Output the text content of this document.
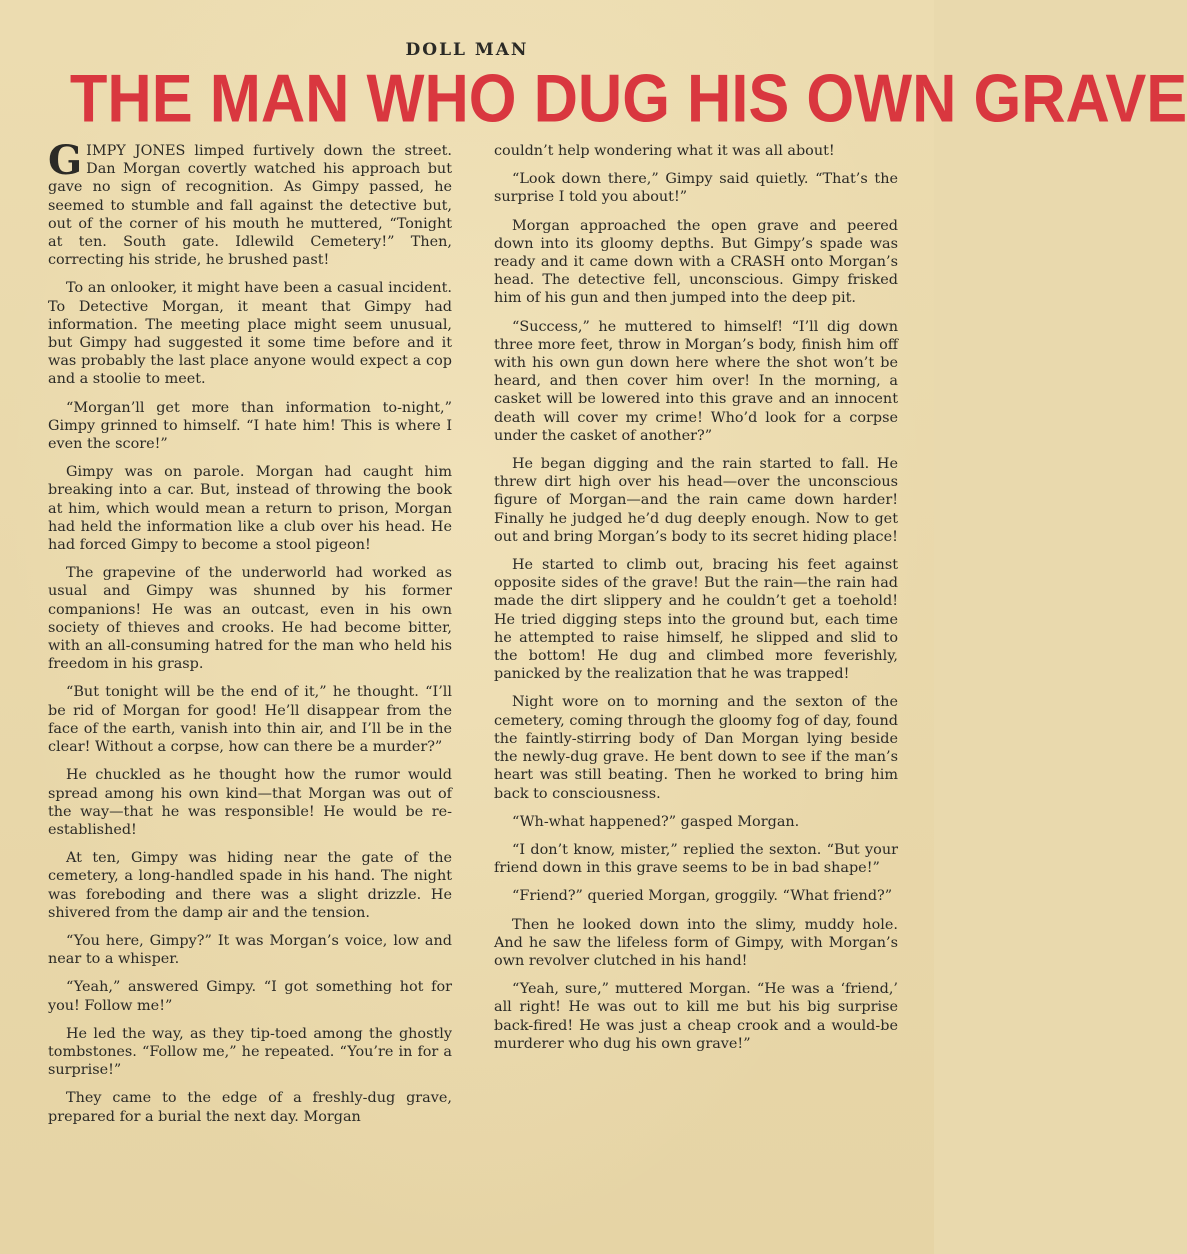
DOLL MAN
THE MAN WHO DUG HIS OWN GRAVE

GIMPY JONES limped furtively down the street. Dan Morgan covertly watched his approach but gave no sign of recognition. As Gimpy passed, he seemed to stumble and fall against the detective but, out of the corner of his mouth he muttered, “Tonight at ten. South gate. Idlewild Cemetery!” Then, correcting his stride, he brushed past!

To an onlooker, it might have been a casual incident. To Detective Morgan, it meant that Gimpy had information. The meeting place might seem unusual, but Gimpy had suggested it some time before and it was probably the last place anyone would expect a cop and a stoolie to meet.

“Morgan’ll get more than information to-night,” Gimpy grinned to himself. “I hate him! This is where I even the score!”

Gimpy was on parole. Morgan had caught him breaking into a car. But, instead of throwing the book at him, which would mean a return to prison, Morgan had held the information like a club over his head. He had forced Gimpy to become a stool pigeon!

The grapevine of the underworld had worked as usual and Gimpy was shunned by his former companions! He was an outcast, even in his own society of thieves and crooks. He had become bitter, with an all-consuming hatred for the man who held his freedom in his grasp.

“But tonight will be the end of it,” he thought. “I’ll be rid of Morgan for good! He’ll disappear from the face of the earth, vanish into thin air, and I’ll be in the clear! Without a corpse, how can there be a murder?”

He chuckled as he thought how the rumor would spread among his own kind—that Morgan was out of the way—that he was responsible! He would be re-established!

At ten, Gimpy was hiding near the gate of the cemetery, a long-handled spade in his hand. The night was foreboding and there was a slight drizzle. He shivered from the damp air and the tension.

“You here, Gimpy?” It was Morgan’s voice, low and near to a whisper.

“Yeah,” answered Gimpy. “I got something hot for you! Follow me!”

He led the way, as they tip-toed among the ghostly tombstones. “Follow me,” he repeated. “You’re in for a surprise!”

They came to the edge of a freshly-dug grave, prepared for a burial the next day. Morgan

couldn’t help wondering what it was all about!

“Look down there,” Gimpy said quietly. “That’s the surprise I told you about!”

Morgan approached the open grave and peered down into its gloomy depths. But Gimpy’s spade was ready and it came down with a CRASH onto Morgan’s head. The detective fell, unconscious. Gimpy frisked him of his gun and then jumped into the deep pit.

“Success,” he muttered to himself! “I’ll dig down three more feet, throw in Morgan’s body, finish him off with his own gun down here where the shot won’t be heard, and then cover him over! In the morning, a casket will be lowered into this grave and an innocent death will cover my crime! Who’d look for a corpse under the casket of another?”

He began digging and the rain started to fall. He threw dirt high over his head—over the unconscious figure of Morgan—and the rain came down harder! Finally he judged he’d dug deeply enough. Now to get out and bring Morgan’s body to its secret hiding place!

He started to climb out, bracing his feet against opposite sides of the grave! But the rain—the rain had made the dirt slippery and he couldn’t get a toehold! He tried digging steps into the ground but, each time he attempted to raise himself, he slipped and slid to the bottom! He dug and climbed more feverishly, panicked by the realization that he was trapped!

Night wore on to morning and the sexton of the cemetery, coming through the gloomy fog of day, found the faintly-stirring body of Dan Morgan lying beside the newly-dug grave. He bent down to see if the man’s heart was still beating. Then he worked to bring him back to consciousness.

“Wh-what happened?” gasped Morgan.

“I don’t know, mister,” replied the sexton. “But your friend down in this grave seems to be in bad shape!”

“Friend?” queried Morgan, groggily. “What friend?”

Then he looked down into the slimy, muddy hole. And he saw the lifeless form of Gimpy, with Morgan’s own revolver clutched in his hand!

“Yeah, sure,” muttered Morgan. “He was a ‘friend,’ all right! He was out to kill me but his big surprise back-fired! He was just a cheap crook and a would-be murderer who dug his own grave!”
